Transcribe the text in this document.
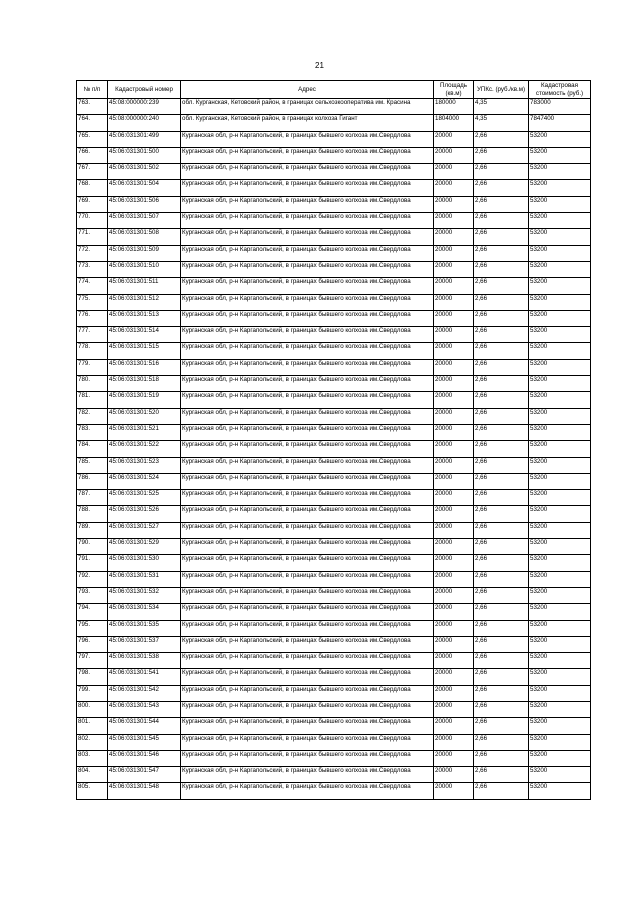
21
№ п/п	Кадастровый номер	Адрес	Площадь (кв.м)	УПКс. (руб./кв.м)	Кадастровая стоимость (руб.)
763.	45:08:000000:239	обл. Курганская, Кетовский район, в границах сельхозкооператива им. Красина	180000	4,35	783000
764.	45:08:000000:240	обл. Курганская, Кетовский район, в границах колхоза Гигант	1804000	4,35	7847400
765.	45:06:031301:499	Курганская обл, р-н Каргапольский, в границах бывшего колхоза им.Свердлова	20000	2,66	53200
766.	45:06:031301:500	Курганская обл, р-н Каргапольский, в границах бывшего колхоза им.Свердлова	20000	2,66	53200
767.	45:06:031301:502	Курганская обл, р-н Каргапольский, в границах бывшего колхоза им.Свердлова	20000	2,66	53200
768.	45:06:031301:504	Курганская обл, р-н Каргапольский, в границах бывшего колхоза им.Свердлова	20000	2,66	53200
769.	45:06:031301:506	Курганская обл, р-н Каргапольский, в границах бывшего колхоза им.Свердлова	20000	2,66	53200
770.	45:06:031301:507	Курганская обл, р-н Каргапольский, в границах бывшего колхоза им.Свердлова	20000	2,66	53200
771.	45:06:031301:508	Курганская обл, р-н Каргапольский, в границах бывшего колхоза им.Свердлова	20000	2,66	53200
772.	45:06:031301:509	Курганская обл, р-н Каргапольский, в границах бывшего колхоза им.Свердлова	20000	2,66	53200
773.	45:06:031301:510	Курганская обл, р-н Каргапольский, в границах бывшего колхоза им.Свердлова	20000	2,66	53200
774.	45:06:031301:511	Курганская обл, р-н Каргапольский, в границах бывшего колхоза им.Свердлова	20000	2,66	53200
775.	45:06:031301:512	Курганская обл, р-н Каргапольский, в границах бывшего колхоза им.Свердлова	20000	2,66	53200
776.	45:06:031301:513	Курганская обл, р-н Каргапольский, в границах бывшего колхоза им.Свердлова	20000	2,66	53200
777.	45:06:031301:514	Курганская обл, р-н Каргапольский, в границах бывшего колхоза им.Свердлова	20000	2,66	53200
778.	45:06:031301:515	Курганская обл, р-н Каргапольский, в границах бывшего колхоза им.Свердлова	20000	2,66	53200
779.	45:06:031301:516	Курганская обл, р-н Каргапольский, в границах бывшего колхоза им.Свердлова	20000	2,66	53200
780.	45:06:031301:518	Курганская обл, р-н Каргапольский, в границах бывшего колхоза им.Свердлова	20000	2,66	53200
781.	45:06:031301:519	Курганская обл, р-н Каргапольский, в границах бывшего колхоза им.Свердлова	20000	2,66	53200
782.	45:06:031301:520	Курганская обл, р-н Каргапольский, в границах бывшего колхоза им.Свердлова	20000	2,66	53200
783.	45:06:031301:521	Курганская обл, р-н Каргапольский, в границах бывшего колхоза им.Свердлова	20000	2,66	53200
784.	45:06:031301:522	Курганская обл, р-н Каргапольский, в границах бывшего колхоза им.Свердлова	20000	2,66	53200
785.	45:06:031301:523	Курганская обл, р-н Каргапольский, в границах бывшего колхоза им.Свердлова	20000	2,66	53200
786.	45:06:031301:524	Курганская обл, р-н Каргапольский, в границах бывшего колхоза им.Свердлова	20000	2,66	53200
787.	45:06:031301:525	Курганская обл, р-н Каргапольский, в границах бывшего колхоза им.Свердлова	20000	2,66	53200
788.	45:06:031301:526	Курганская обл, р-н Каргапольский, в границах бывшего колхоза им.Свердлова	20000	2,66	53200
789.	45:06:031301:527	Курганская обл, р-н Каргапольский, в границах бывшего колхоза им.Свердлова	20000	2,66	53200
790.	45:06:031301:529	Курганская обл, р-н Каргапольский, в границах бывшего колхоза им.Свердлова	20000	2,66	53200
791.	45:06:031301:530	Курганская обл, р-н Каргапольский, в границах бывшего колхоза им.Свердлова	20000	2,66	53200
792.	45:06:031301:531	Курганская обл, р-н Каргапольский, в границах бывшего колхоза им.Свердлова	20000	2,66	53200
793.	45:06:031301:532	Курганская обл, р-н Каргапольский, в границах бывшего колхоза им.Свердлова	20000	2,66	53200
794.	45:06:031301:534	Курганская обл, р-н Каргапольский, в границах бывшего колхоза им.Свердлова	20000	2,66	53200
795.	45:06:031301:535	Курганская обл, р-н Каргапольский, в границах бывшего колхоза им.Свердлова	20000	2,66	53200
796.	45:06:031301:537	Курганская обл, р-н Каргапольский, в границах бывшего колхоза им.Свердлова	20000	2,66	53200
797.	45:06:031301:538	Курганская обл, р-н Каргапольский, в границах бывшего колхоза им.Свердлова	20000	2,66	53200
798.	45:06:031301:541	Курганская обл, р-н Каргапольский, в границах бывшего колхоза им.Свердлова	20000	2,66	53200
799.	45:06:031301:542	Курганская обл, р-н Каргапольский, в границах бывшего колхоза им.Свердлова	20000	2,66	53200
800.	45:06:031301:543	Курганская обл, р-н Каргапольский, в границах бывшего колхоза им.Свердлова	20000	2,66	53200
801.	45:06:031301:544	Курганская обл, р-н Каргапольский, в границах бывшего колхоза им.Свердлова	20000	2,66	53200
802.	45:06:031301:545	Курганская обл, р-н Каргапольский, в границах бывшего колхоза им.Свердлова	20000	2,66	53200
803.	45:06:031301:546	Курганская обл, р-н Каргапольский, в границах бывшего колхоза им.Свердлова	20000	2,66	53200
804.	45:06:031301:547	Курганская обл, р-н Каргапольский, в границах бывшего колхоза им.Свердлова	20000	2,66	53200
805.	45:06:031301:548	Курганская обл, р-н Каргапольский, в границах бывшего колхоза им.Свердлова	20000	2,66	53200
